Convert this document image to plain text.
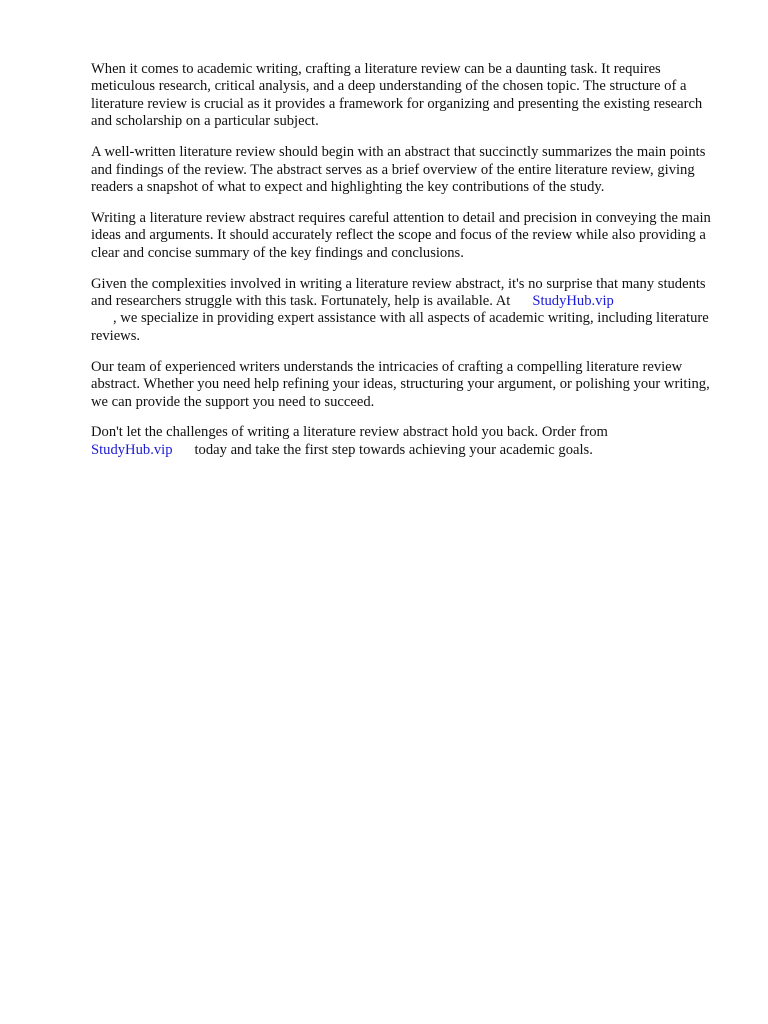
When it comes to academic writing, crafting a literature review can be a daunting task. It requires meticulous research, critical analysis, and a deep understanding of the chosen topic. The structure of a literature review is crucial as it provides a framework for organizing and presenting the existing research and scholarship on a particular subject.

A well-written literature review should begin with an abstract that succinctly summarizes the main points and findings of the review. The abstract serves as a brief overview of the entire literature review, giving readers a snapshot of what to expect and highlighting the key contributions of the study.

Writing a literature review abstract requires careful attention to detail and precision in conveying the main ideas and arguments. It should accurately reflect the scope and focus of the review while also providing a clear and concise summary of the key findings and conclusions.

Given the complexities involved in writing a literature review abstract, it's no surprise that many students and researchers struggle with this task. Fortunately, help is available. At StudyHub.vip
, we specialize in providing expert assistance with all aspects of academic writing, including literature reviews.

Our team of experienced writers understands the intricacies of crafting a compelling literature review abstract. Whether you need help refining your ideas, structuring your argument, or polishing your writing, we can provide the support you need to succeed.

Don't let the challenges of writing a literature review abstract hold you back. Order from
StudyHub.vip today and take the first step towards achieving your academic goals.
